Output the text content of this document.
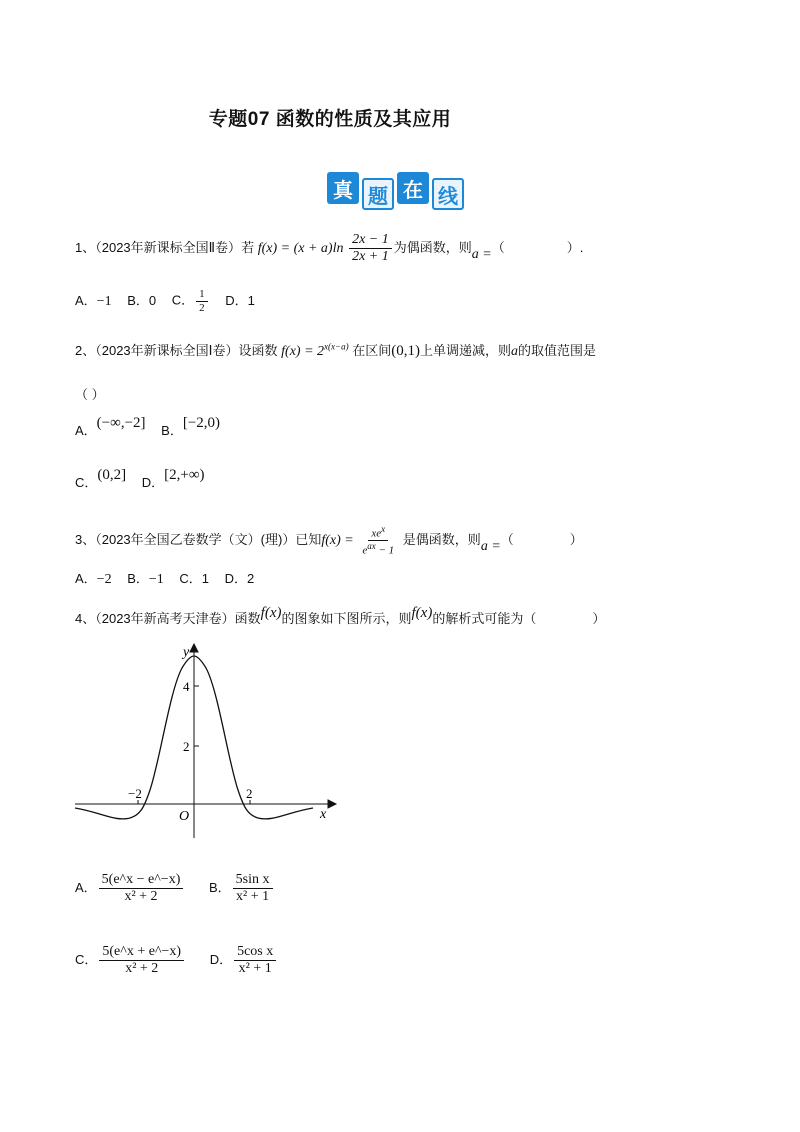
专题07 函数的性质及其应用
真 题 在 线
1、（2023年新课标全国Ⅱ卷）若 $f(x) = (x + a)\ln \frac{2x - 1}{2x + 1}$ 为偶函数，则a =（	）.
A．−1 B．0 C． $\frac{1}{2}$ D．1
2、（2023年新课标全国Ⅰ卷）设函数 $f(x) = 2^{x(x-a)}$ 在区间(0,1)上单调递减，则a的取值范围是
（ ）
A．(−∞,−2] B．[−2,0)
C．(0,2] D．[2,+∞)
3、（2023年全国乙卷数学（文）(理)）已知$f(x) = \frac{xe^x}{e^{ax} - 1}$ 是偶函数，则a =（	）
A．−2 B．−1 C．1 D．2
4、（2023年新高考天津卷）函数f(x)的图象如下图所示，则f(x)的解析式可能为（	）
y
x
O
4
2
−2	2
A． $\frac{5(e\^{}x - e\^{}-x)}{\text{x² + 2}}$ B． $\frac{\text{5sin x}}{\text{x² + 1}}$
C． $\frac{5(e\^{}x + e\^{}-x)}{\text{x² + 2}}$ D． $\frac{\text{5cos x}}{\text{x² + 1}}$
